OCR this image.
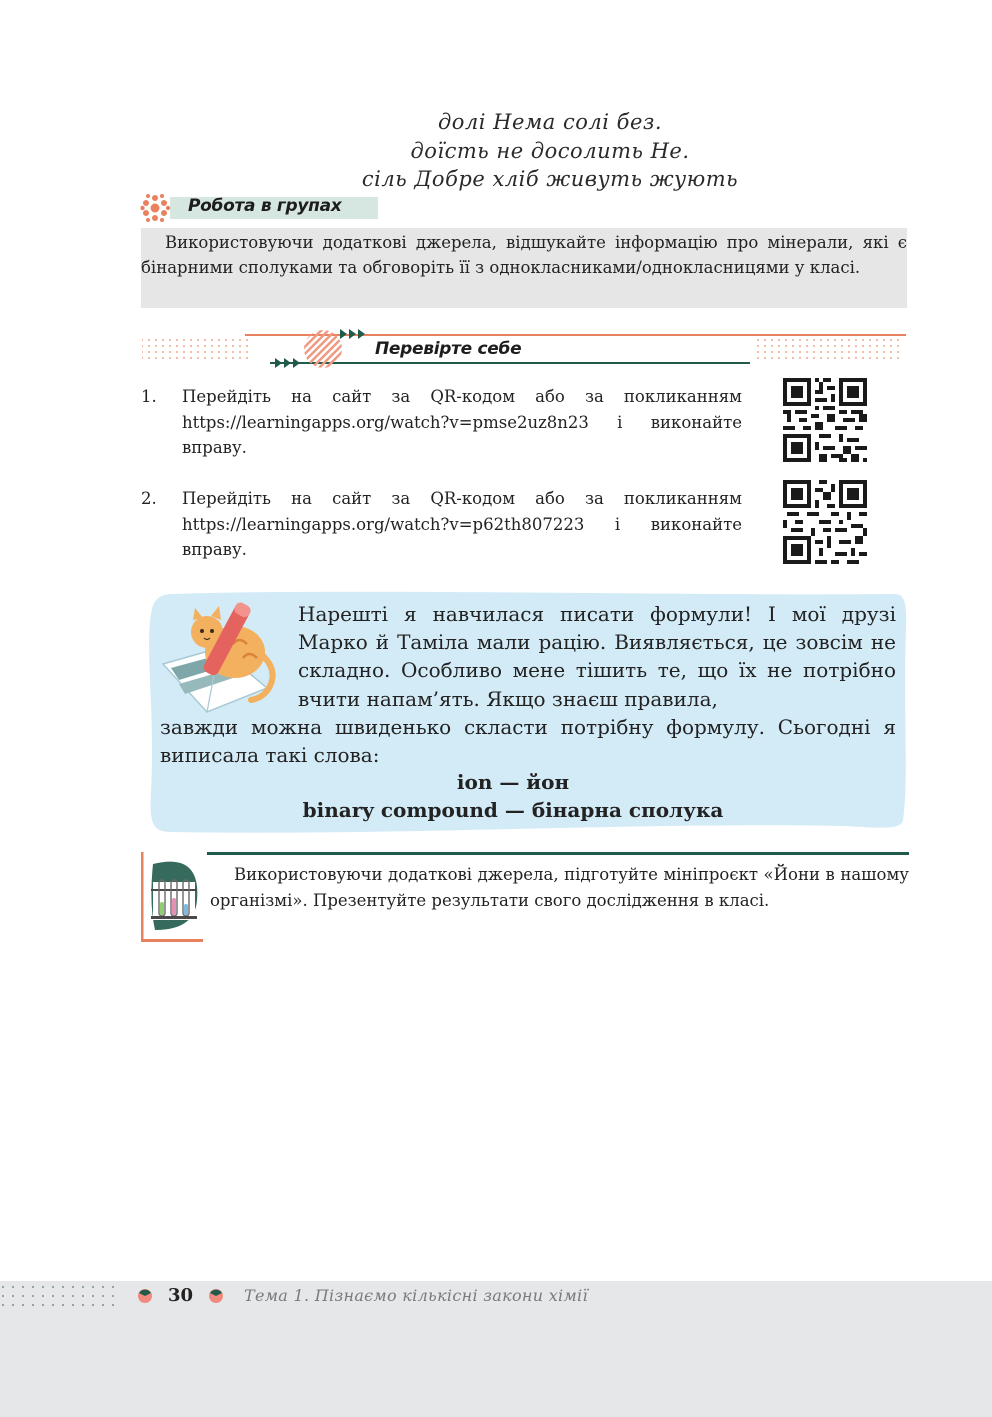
долі Нема солі без.
доїсть не досолить Не.
сіль Добре хліб живуть жують
Робота в групах

Використовуючи додаткові джерела, відшукайте інформацію про мінерали, які є бінарними сполуками та обговоріть її з однокласниками/однокласницями у класі.

Перевірте себе
1. Перейдіть на сайт за QR-кодом або за покликанням https://learningapps.org/watch?v=pmse2uz8n23 і виконайте вправу.
2. Перейдіть на сайт за QR-кодом або за покликанням https://learningapps.org/watch?v=p62th807223 і виконайте вправу.
Нарешті я навчилася писати формули! І мої друзі Марко й Таміла мали рацію. Виявляється, це зовсім не складно. Особливо мене тішить те, що їх не потрібно вчити напам’ять. Якщо знаєш правила,
завжди можна швиденько скласти потрібну формулу. Сьогодні я виписала такі слова:
ion — йон
binary compound — бінарна сполука

Використовуючи додаткові джерела, підготуйте мініпроєкт «Йони в нашому організмі». Презентуйте результати свого дослідження в класі.

30	Тема 1. Пізнаємо кількісні закони хімії
